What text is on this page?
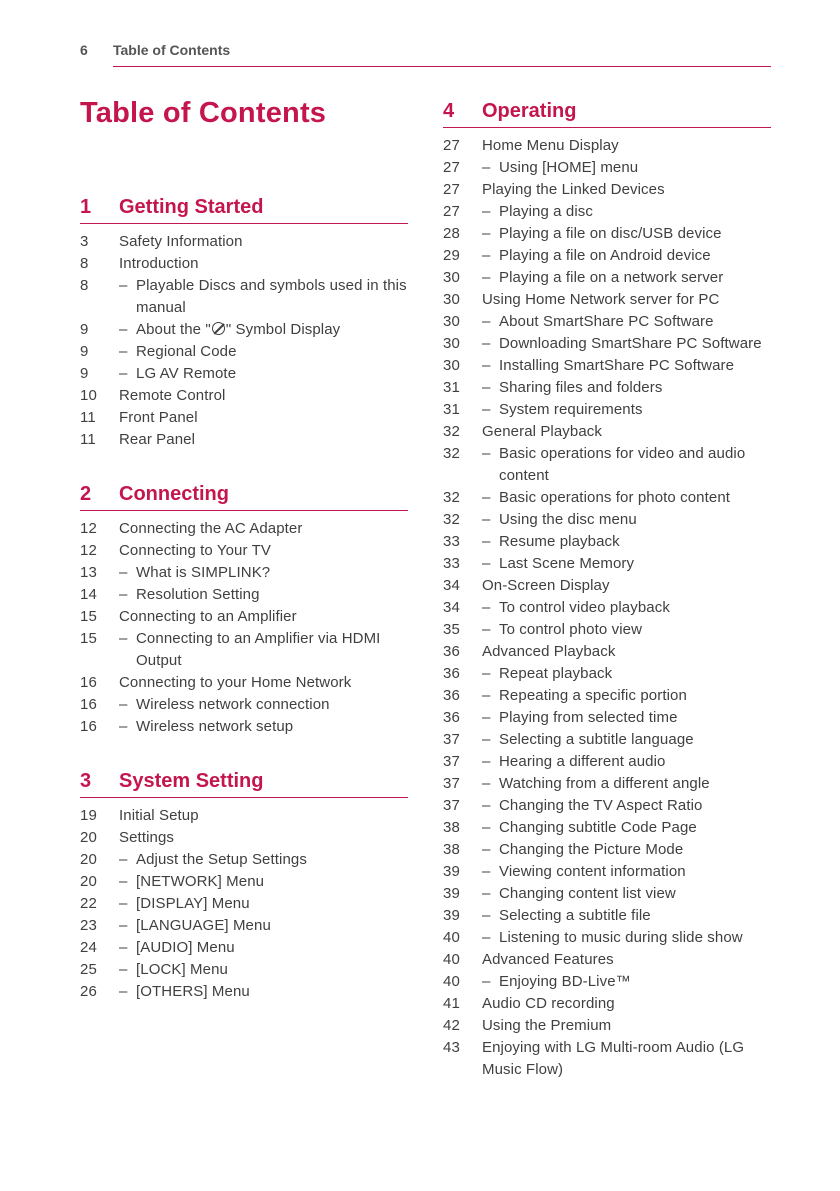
6 Table of Contents
Table of Contents
1	Getting Started
3	Safety Information
8	Introduction
8	– Playable Discs and symbols used in this manual
9	– About the " " Symbol Display
9	– Regional Code
9	– LG AV Remote
10	Remote Control
11	Front Panel
11	Rear Panel
2	Connecting
12	Connecting the AC Adapter
12	Connecting to Your TV
13	– What is SIMPLINK?
14	– Resolution Setting
15	Connecting to an Amplifier
15	– Connecting to an Amplifier via HDMI Output
16	Connecting to your Home Network
16	– Wireless network connection
16	– Wireless network setup
3	System Setting
19	Initial Setup
20	Settings
20	– Adjust the Setup Settings
20	– [NETWORK] Menu
22	– [DISPLAY] Menu
23	– [LANGUAGE] Menu
24	– [AUDIO] Menu
25	– [LOCK] Menu
26	– [OTHERS] Menu
4	Operating
27	Home Menu Display
27	– Using [HOME] menu
27	Playing the Linked Devices
27	– Playing a disc
28	– Playing a file on disc/USB device
29	– Playing a file on Android device
30	– Playing a file on a network server
30	Using Home Network server for PC
30	– About SmartShare PC Software
30	– Downloading SmartShare PC Software
30	– Installing SmartShare PC Software
31	– Sharing files and folders
31	– System requirements
32	General Playback
32	– Basic operations for video and audio content
32	– Basic operations for photo content
32	– Using the disc menu
33	– Resume playback
33	– Last Scene Memory
34	On-Screen Display
34	– To control video playback
35	– To control photo view
36	Advanced Playback
36	– Repeat playback
36	– Repeating a specific portion
36	– Playing from selected time
37	– Selecting a subtitle language
37	– Hearing a different audio
37	– Watching from a different angle
37	– Changing the TV Aspect Ratio
38	– Changing subtitle Code Page
38	– Changing the Picture Mode
39	– Viewing content information
39	– Changing content list view
39	– Selecting a subtitle file
40	– Listening to music during slide show
40	Advanced Features
40	– Enjoying BD-Live™
41	Audio CD recording
42	Using the Premium
43	Enjoying with LG Multi-room Audio (LG Music Flow)
